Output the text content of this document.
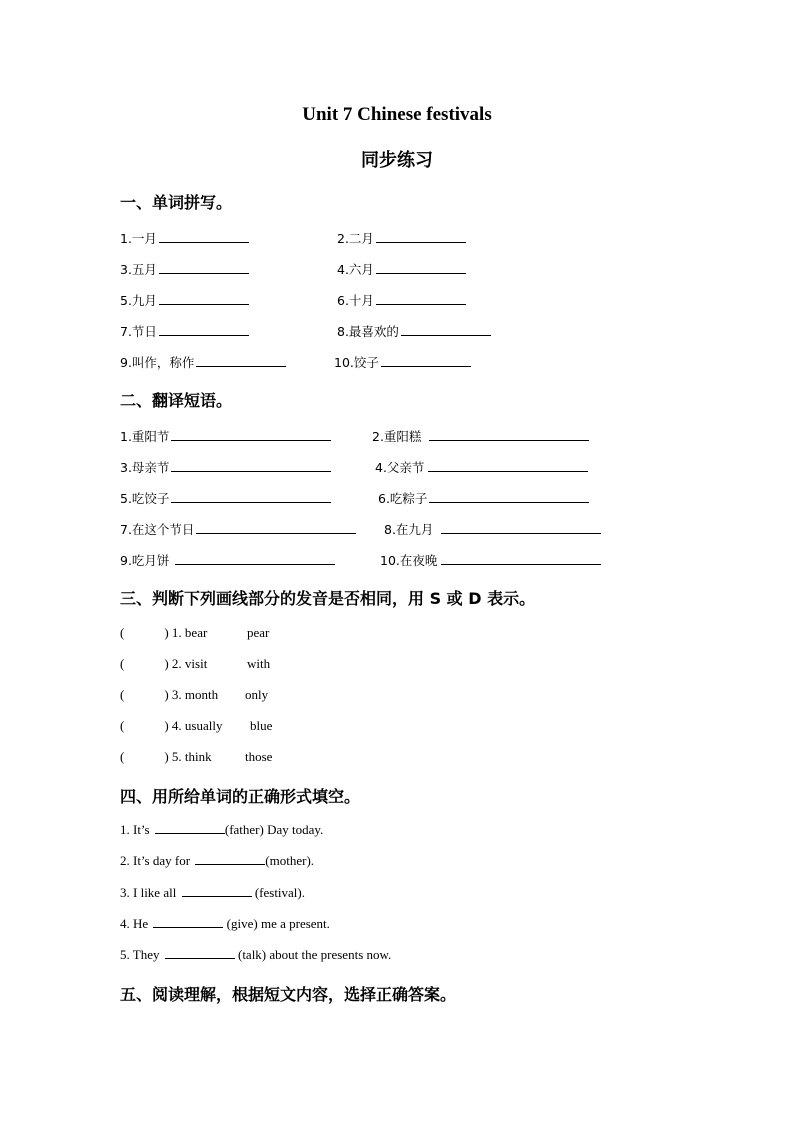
Unit 7 Chinese festivals
同步练习
一、单词拼写。
1.一月	2.二月
3.五月	4.六月
5.九月	6.十月
7.节日	8.最喜欢的
9.叫作，称作	10.饺子
二、翻译短语。
1.重阳节	2.重阳糕
3.母亲节	4.父亲节
5.吃饺子	6.吃粽子
7.在这个节日	8.在九月
9.吃月饼	10.在夜晚
三、判断下列画线部分的发音是否相同，用 S 或 D 表示。
(	) 1. bear	pear
(	) 2. visit	with
(	) 3. month only
(	) 4. usually blue
(	) 5. think	those
四、用所给单词的正确形式填空。
1. It’s	(father) Day today.
2. It’s day for	(mother).
3. I like all	(festival).
4. He	(give) me a present.
5. They	(talk) about the presents now.
五、阅读理解，根据短文内容，选择正确答案。
